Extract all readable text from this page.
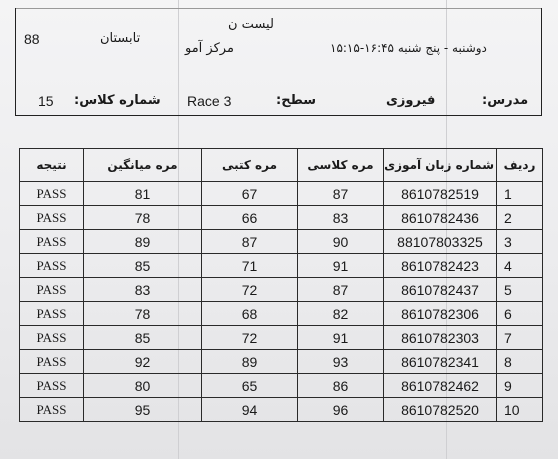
لیست ن
مرکز آمو
88	تابستان
دوشنبه - پنج شنبه ۱۶:۴۵-۱۵:۱۵
15 شماره کلاس: Race 3	سطح:	فیروزی	مدرس:
ردیف	شماره زبان آموزی	مره کلاسی	مره کتبی	مره میانگین	نتیجه
1	8610782519	87	67	81	PASS
2	8610782436	83	66	78	PASS
3	88107803325	90	87	89	PASS
4	8610782423	91	71	85	PASS
5	8610782437	87	72	83	PASS
6	8610782306	82	68	78	PASS
7	8610782303	91	72	85	PASS
8	8610782341	93	89	92	PASS
9	8610782462	86	65	80	PASS
10	8610782520	96	94	95	PASS
